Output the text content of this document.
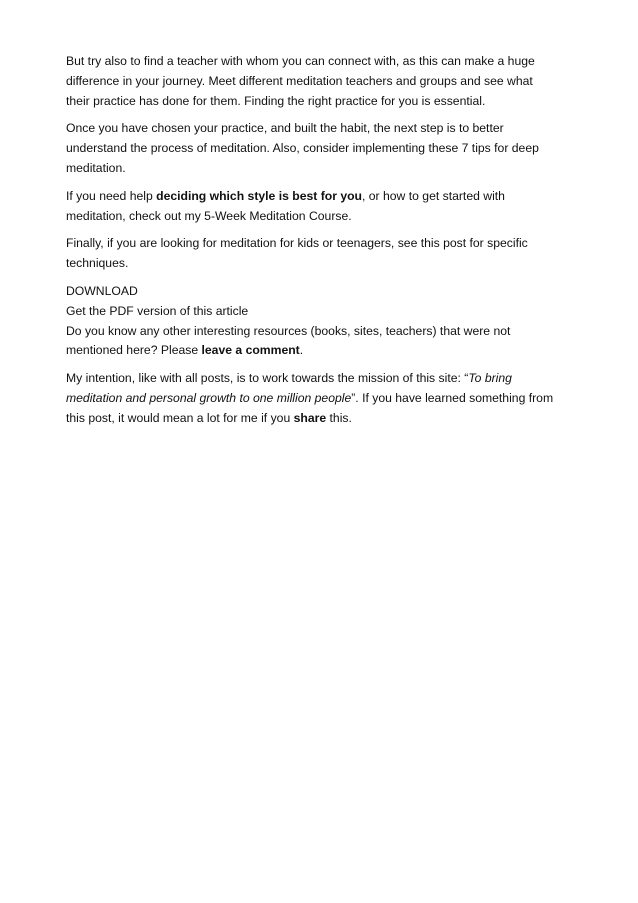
But try also to find a teacher with whom you can connect with, as this can make a huge
difference in your journey. Meet different meditation teachers and groups and see what
their practice has done for them. Finding the right practice for you is essential.
Once you have chosen your practice, and built the habit, the next step is to better
understand the process of meditation. Also, consider implementing these 7 tips for deep
meditation.
If you need help deciding which style is best for you, or how to get started with
meditation, check out my 5-Week Meditation Course.
Finally, if you are looking for meditation for kids or teenagers, see this post for specific
techniques.
DOWNLOAD
Get the PDF version of this article
Do you know any other interesting resources (books, sites, teachers) that were not
mentioned here? Please leave a comment.
My intention, like with all posts, is to work towards the mission of this site: “To bring
meditation and personal growth to one million people”. If you have learned something from
this post, it would mean a lot for me if you share this.
